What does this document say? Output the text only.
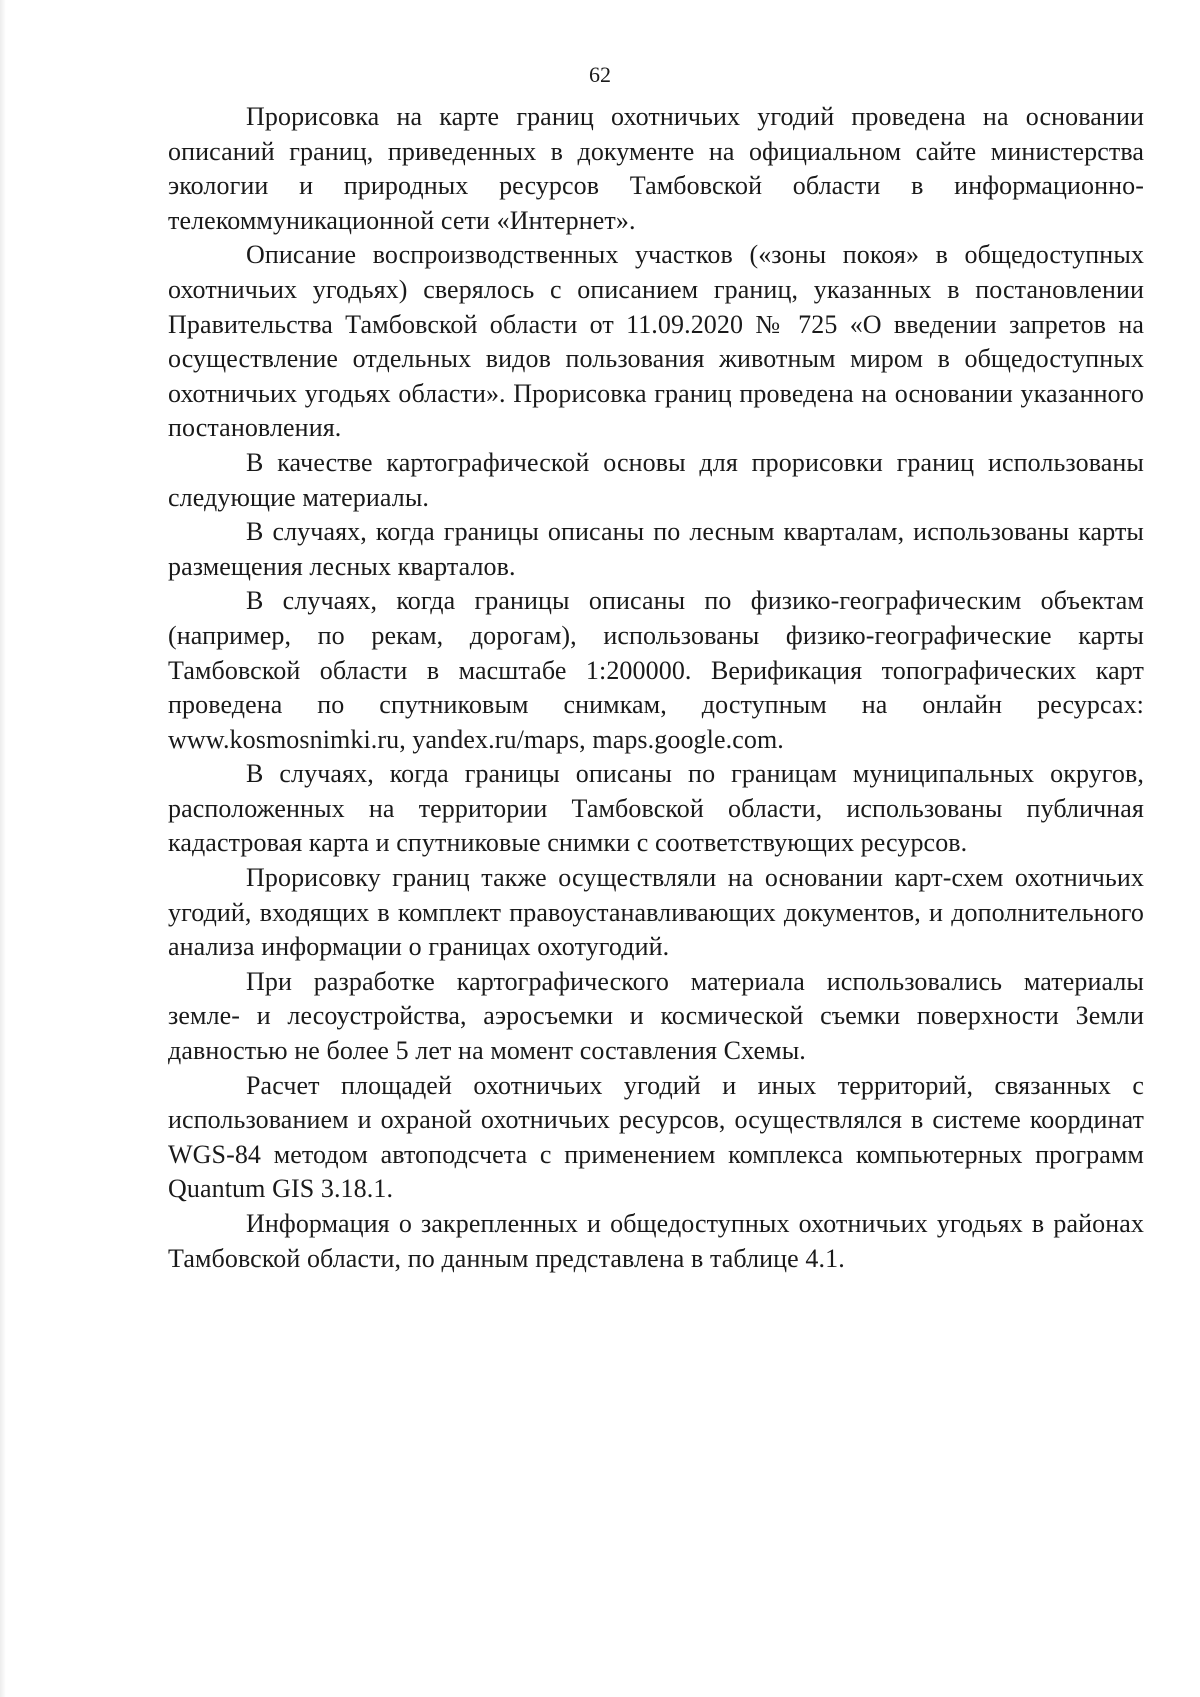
62

Прорисовка на карте границ охотничьих угодий проведена на основании описаний границ, приведенных в документе на официальном сайте министерства экологии и природных ресурсов Тамбовской области в информационно-телекоммуникационной сети «Интернет».

Описание воспроизводственных участков («зоны покоя» в общедоступных охотничьих угодьях) сверялось с описанием границ, указанных в постановлении Правительства Тамбовской области от 11.09.2020 № 725 «О введении запретов на осуществление отдельных видов пользования животным миром в общедоступных охотничьих угодьях области». Прорисовка границ проведена на основании указанного постановления.

В качестве картографической основы для прорисовки границ использованы следующие материалы.

В случаях, когда границы описаны по лесным кварталам, использованы карты размещения лесных кварталов.

В случаях, когда границы описаны по физико-географическим объектам (например, по рекам, дорогам), использованы физико-географические карты Тамбовской области в масштабе 1:200000. Верификация топографических карт проведена по спутниковым снимкам, доступным на онлайн ресурсах: www.kosmosnimki.ru, yandex.ru/maps, maps.google.com.

В случаях, когда границы описаны по границам муниципальных округов, расположенных на территории Тамбовской области, использованы публичная кадастровая карта и спутниковые снимки с соответствующих ресурсов.

Прорисовку границ также осуществляли на основании карт-схем охотничьих угодий, входящих в комплект правоустанавливающих документов, и дополнительного анализа информации о границах охотугодий.

При разработке картографического материала использовались материалы земле- и лесоустройства, аэросъемки и космической съемки поверхности Земли давностью не более 5 лет на момент составления Схемы.

Расчет площадей охотничьих угодий и иных территорий, связанных с использованием и охраной охотничьих ресурсов, осуществлялся в системе координат WGS-84 методом автоподсчета с применением комплекса компьютерных программ Quantum GIS 3.18.1.

Информация о закрепленных и общедоступных охотничьих угодьях в районах Тамбовской области, по данным представлена в таблице 4.1.
